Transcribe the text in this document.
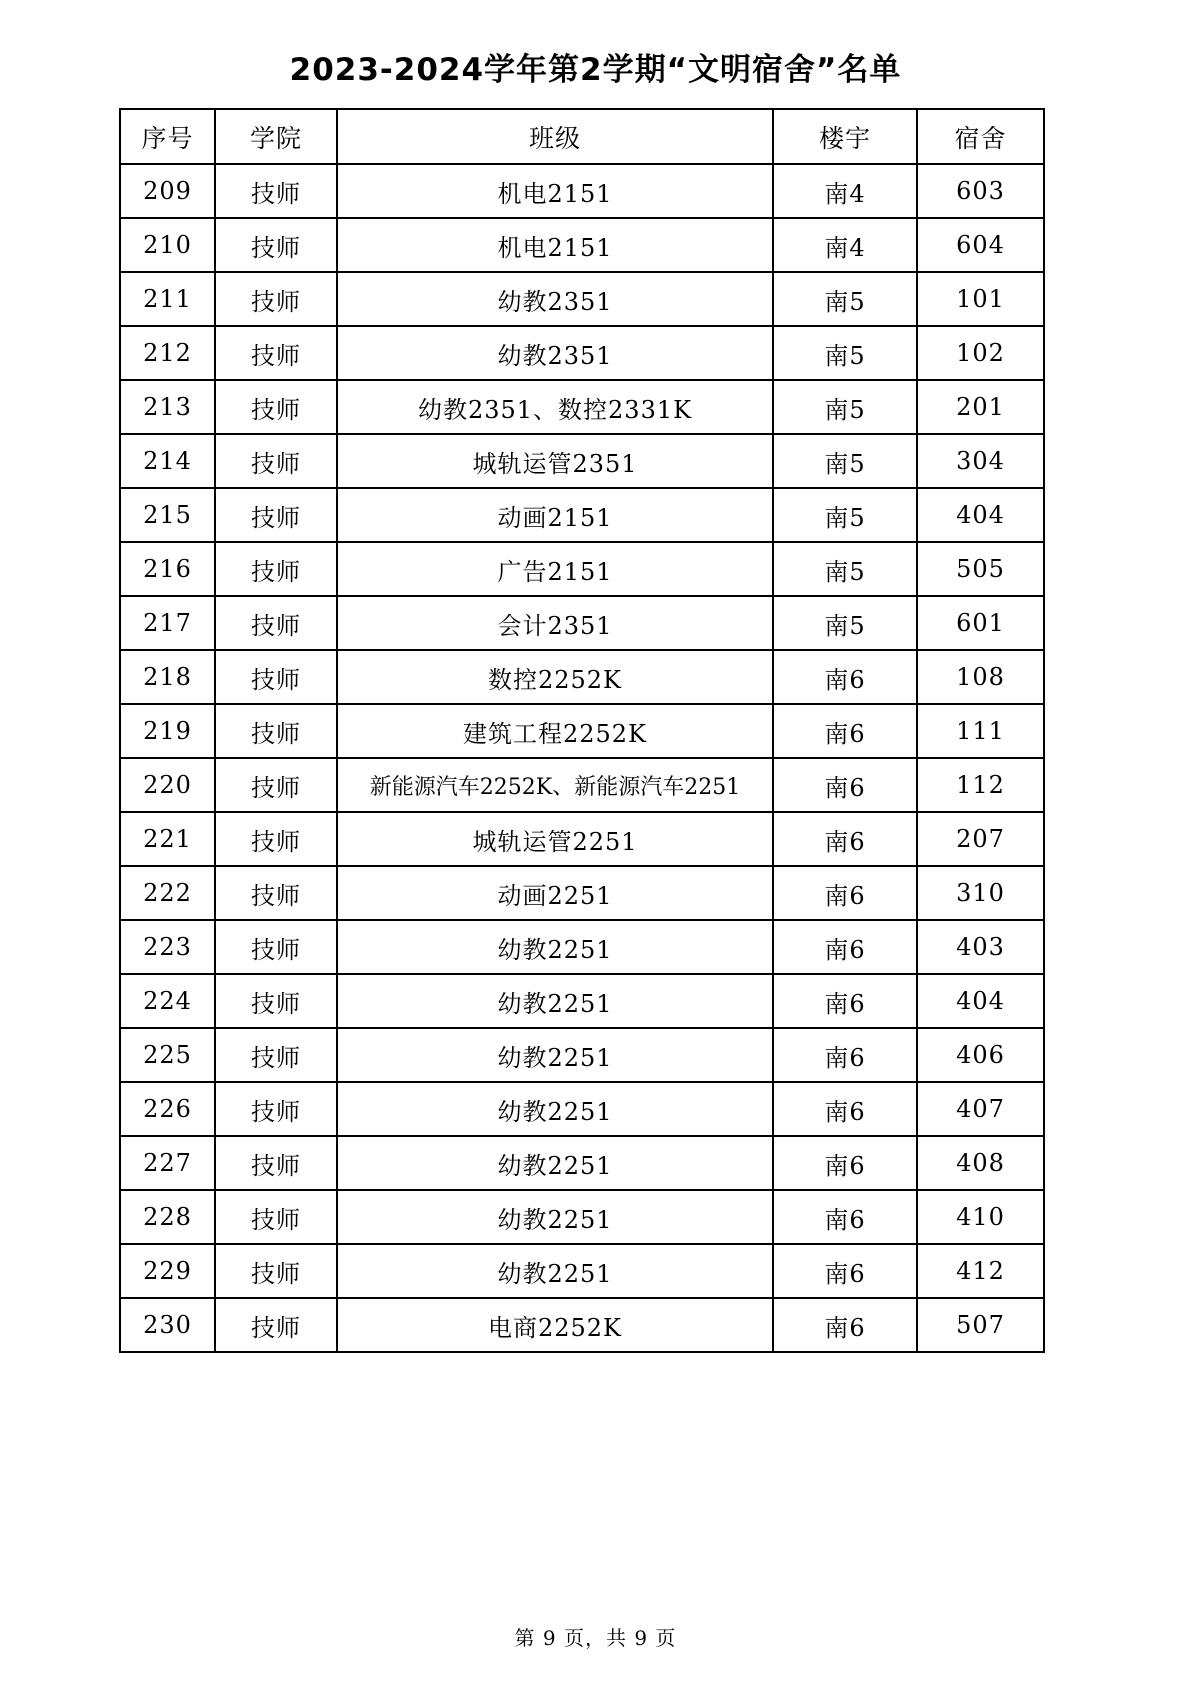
2023-2024学年第2学期“文明宿舍”名单
序号	学院	班级	楼宇	宿舍
209	技师	机电2151	南4	603
210	技师	机电2151	南4	604
211	技师	幼教2351	南5	101
212	技师	幼教2351	南5	102
213	技师	幼教2351、数控2331K	南5	201
214	技师	城轨运管2351	南5	304
215	技师	动画2151	南5	404
216	技师	广告2151	南5	505
217	技师	会计2351	南5	601
218	技师	数控2252K	南6	108
219	技师	建筑工程2252K	南6	111
220	技师	新能源汽车2252K、新能源汽车2251	南6	112
221	技师	城轨运管2251	南6	207
222	技师	动画2251	南6	310
223	技师	幼教2251	南6	403
224	技师	幼教2251	南6	404
225	技师	幼教2251	南6	406
226	技师	幼教2251	南6	407
227	技师	幼教2251	南6	408
228	技师	幼教2251	南6	410
229	技师	幼教2251	南6	412
230	技师	电商2252K	南6	507
第 9 页，共 9 页
